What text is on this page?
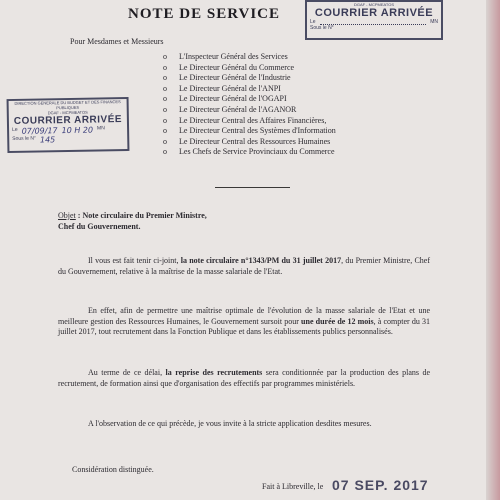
NOTE DE SERVICE
DGAF - MCPMEATOS
COURRIER ARRIVÉE
Le	MN
Sous le N°
Pour Mesdames et Messieurs
o	L'Inspecteur Général des Services
o	Le Directeur Général du Commerce
o	Le Directeur Général de l'Industrie
o	Le Directeur Général de l'ANPI
o	Le Directeur Général de l'OGAPI
o	Le Directeur Général de l'AGANOR
o	Le Directeur Central des Affaires Financières,
o	Le Directeur Central des Systèmes d'Information
o	Le Directeur Central des Ressources Humaines
o	Les Chefs de Service Provinciaux du Commerce
DIRECTION GENERALE DU BUDGET ET DES FINANCES PUBLIQUES
DGAF - MCPMEATOS
COURRIER ARRIVÉE
Le 07/09/17 10 H 20 MN
Sous le N° 145
Objet : Note circulaire du Premier Ministre,
Chef du Gouvernement.

Il vous est fait tenir ci-joint, la note circulaire n°1343/PM du 31 juillet 2017, du Premier Ministre, Chef du Gouvernement, relative à la maîtrise de la masse salariale de l'Etat.

En effet, afin de permettre une maîtrise optimale de l'évolution de la masse salariale de l'Etat et une meilleure gestion des Ressources Humaines, le Gouvernement sursoit pour une durée de 12 mois, à compter du 31 juillet 2017, tout recrutement dans la Fonction Publique et dans les établissements publics personnalisés.

Au terme de ce délai, la reprise des recrutements sera conditionnée par la production des plans de recrutement, de formation ainsi que d'organisation des effectifs par programmes ministériels.

A l'observation de ce qui précède, je vous invite à la stricte application desdites mesures.

Considération distinguée.
Fait à Libreville, le 07 SEP. 2017
